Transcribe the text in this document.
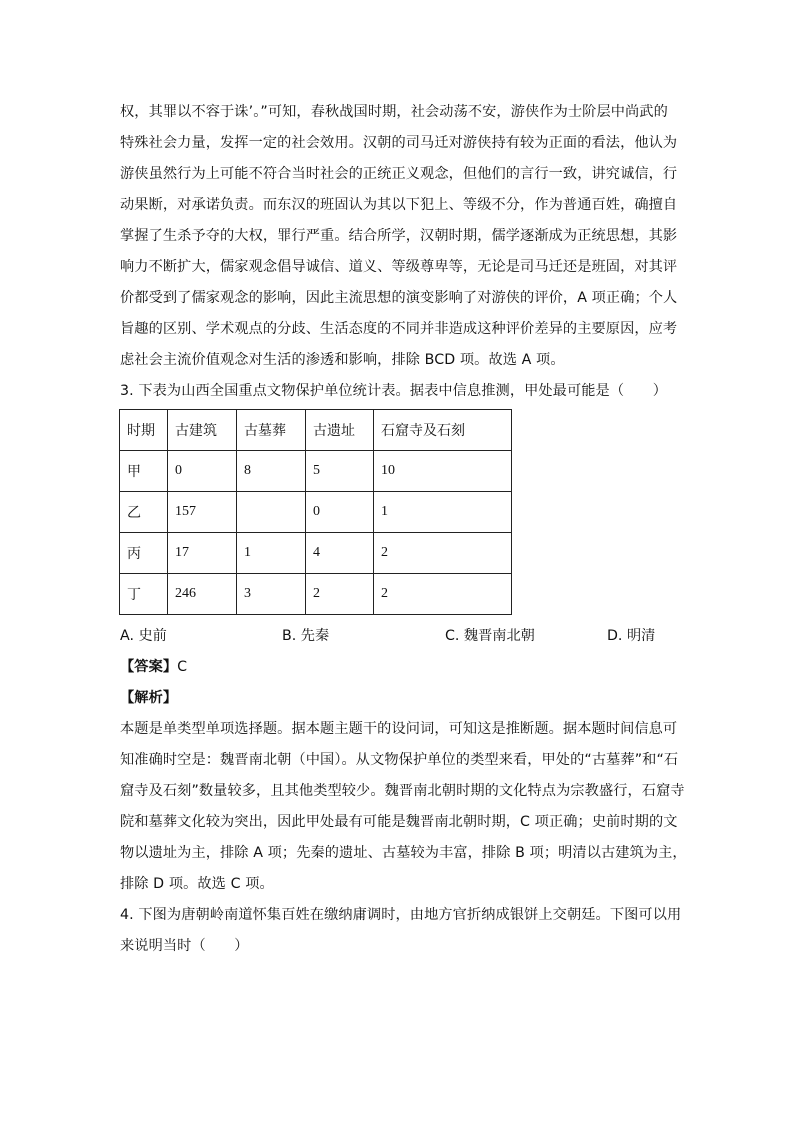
权，其罪以不容于诛’。”可知，春秋战国时期，社会动荡不安，游侠作为士阶层中尚武的
特殊社会力量，发挥一定的社会效用。汉朝的司马迁对游侠持有较为正面的看法，他认为
游侠虽然行为上可能不符合当时社会的正统正义观念，但他们的言行一致，讲究诚信，行
动果断，对承诺负责。而东汉的班固认为其以下犯上、等级不分，作为普通百姓，确擅自
掌握了生杀予夺的大权，罪行严重。结合所学，汉朝时期，儒学逐渐成为正统思想，其影
响力不断扩大，儒家观念倡导诚信、道义、等级尊卑等，无论是司马迁还是班固，对其评
价都受到了儒家观念的影响，因此主流思想的演变影响了对游侠的评价，A 项正确；个人
旨趣的区别、学术观点的分歧、生活态度的不同并非造成这种评价差异的主要原因，应考
虑社会主流价值观念对生活的渗透和影响，排除 BCD 项。故选 A 项。
3. 下表为山西全国重点文物保护单位统计表。据表中信息推测，甲处最可能是（　　）
时期	古建筑	古墓葬	古遗址	石窟寺及石刻
甲	0	8	5	10
乙	157		0	1
丙	17	1	4	2
丁	246	3	2	2
A. 史前	B. 先秦	C. 魏晋南北朝	D. 明清
【答案】C
【解析】
本题是单类型单项选择题。据本题主题干的设问词，可知这是推断题。据本题时间信息可
知准确时空是：魏晋南北朝（中国）。从文物保护单位的类型来看，甲处的“古墓葬”和“石
窟寺及石刻”数量较多，且其他类型较少。魏晋南北朝时期的文化特点为宗教盛行，石窟寺
院和墓葬文化较为突出，因此甲处最有可能是魏晋南北朝时期，C 项正确；史前时期的文
物以遗址为主，排除 A 项；先秦的遗址、古墓较为丰富，排除 B 项；明清以古建筑为主，
排除 D 项。故选 C 项。
4. 下图为唐朝岭南道怀集百姓在缴纳庸调时，由地方官折纳成银饼上交朝廷。下图可以用
来说明当时（　　）
